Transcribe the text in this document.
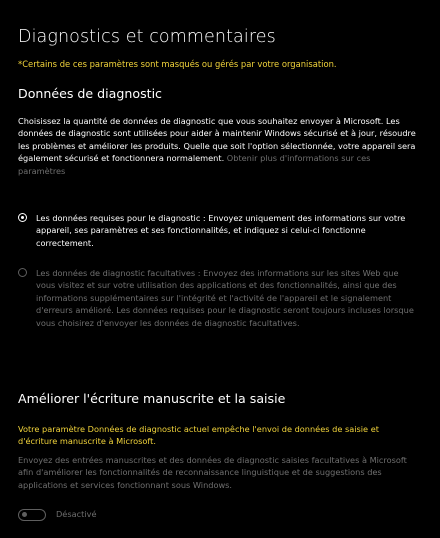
Diagnostics et commentaires
*Certains de ces paramètres sont masqués ou gérés par votre organisation.
Données de diagnostic
Choisissez la quantité de données de diagnostic que vous souhaitez envoyer à Microsoft. Les données de diagnostic sont utilisées pour aider à maintenir Windows sécurisé et à jour, résoudre les problèmes et améliorer les produits. Quelle que soit l'option sélectionnée, votre appareil sera également sécurisé et fonctionnera normalement. Obtenir plus d'informations sur ces paramètres
Les données requises pour le diagnostic : Envoyez uniquement des informations sur votre appareil, ses paramètres et ses fonctionnalités, et indiquez si celui-ci fonctionne correctement.
Les données de diagnostic facultatives : Envoyez des informations sur les sites Web que vous visitez et sur votre utilisation des applications et des fonctionnalités, ainsi que des informations supplémentaires sur l'intégrité et l'activité de l'appareil et le signalement d'erreurs amélioré. Les données requises pour le diagnostic seront toujours incluses lorsque vous choisirez d'envoyer les données de diagnostic facultatives.
Améliorer l'écriture manuscrite et la saisie
Votre paramètre Données de diagnostic actuel empêche l'envoi de données de saisie et d'écriture manuscrite à Microsoft.
Envoyez des entrées manuscrites et des données de diagnostic saisies facultatives à Microsoft afin d'améliorer les fonctionnalités de reconnaissance linguistique et de suggestions des applications et services fonctionnant sous Windows.
Désactivé
